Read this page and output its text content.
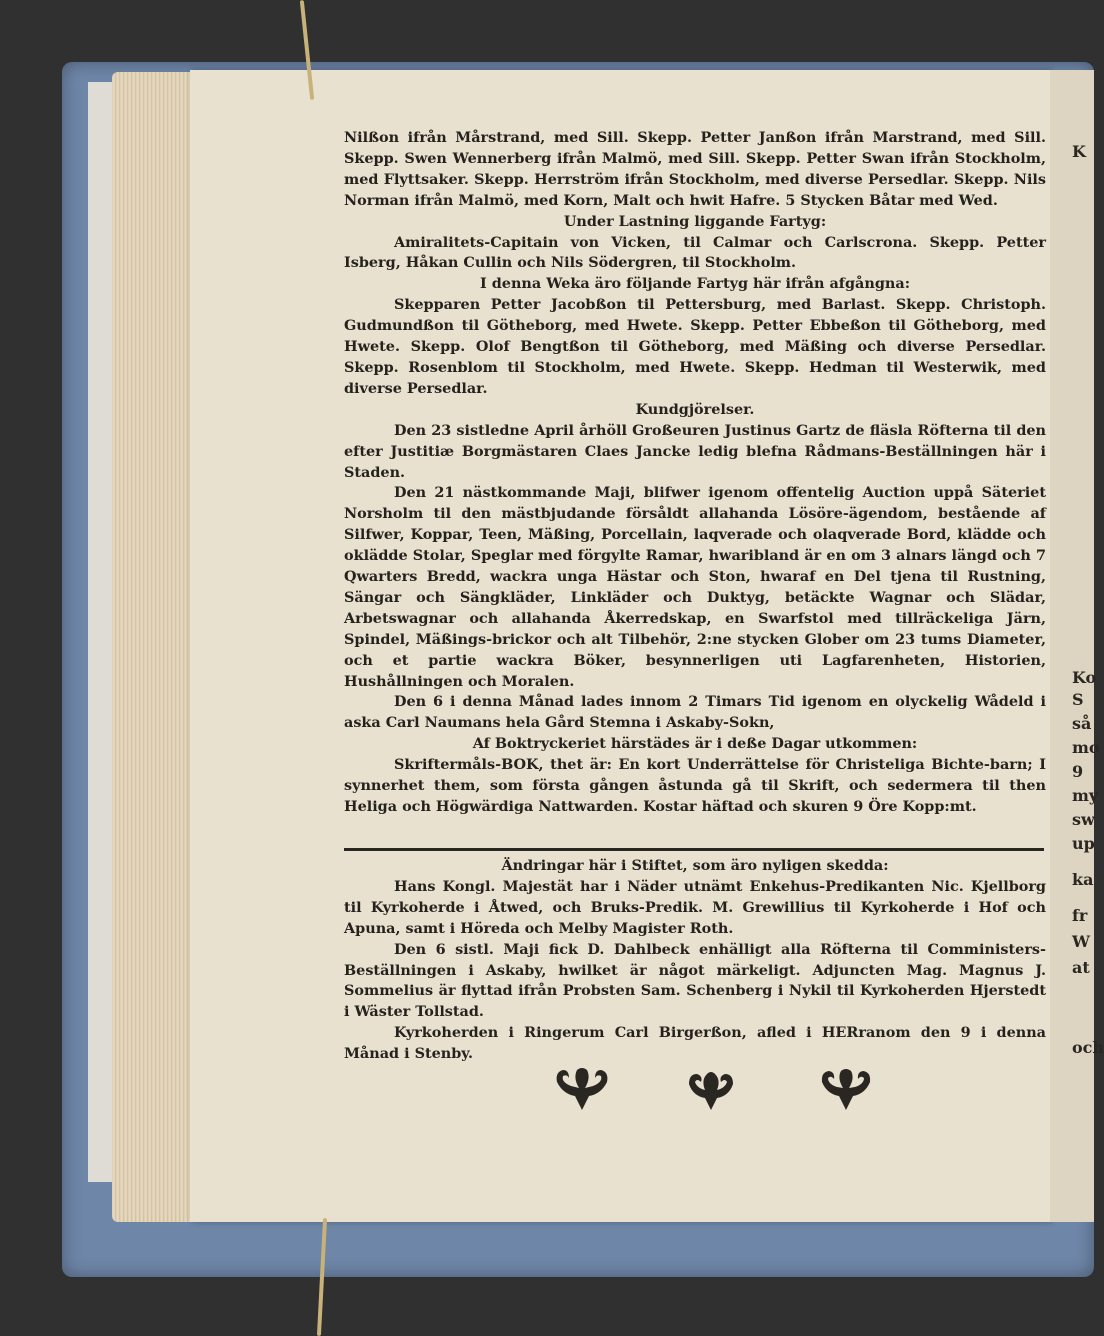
K
Ko
S
så
mo
9
my
sw
up
ka
fr
W
at
och

Nilßon ifrån Mårstrand, med Sill. Skepp. Petter Janßon ifrån Marstrand, med Sill. Skepp. Swen Wennerberg ifrån Malmö, med Sill. Skepp. Petter Swan ifrån Stockholm, med Flyttsaker. Skepp. Herrström ifrån Stockholm, med diverse Persedlar. Skepp. Nils Norman ifrån Malmö, med Korn, Malt och hwit Hafre. 5 Stycken Båtar med Wed.

Under Lastning liggande Fartyg:

Amiralitets-Capitain von Vicken, til Calmar och Carlscrona. Skepp. Petter Isberg, Håkan Cullin och Nils Södergren, til Stockholm.

I denna Weka äro följande Fartyg här ifrån afgångna:

Skepparen Petter Jacobßon til Pettersburg, med Barlast. Skepp. Christoph. Gudmundßon til Götheborg, med Hwete. Skepp. Petter Ebbeßon til Götheborg, med Hwete. Skepp. Olof Bengtßon til Götheborg, med Mäßing och diverse Persedlar. Skepp. Rosenblom til Stockholm, med Hwete. Skepp. Hedman til Westerwik, med diverse Persedlar.

Kundgjörelser.

Den 23 sistledne April århöll Großeuren Justinus Gartz de fläsla Röfterna til den efter Justitiæ Borgmästaren Claes Jancke ledig blefna Rådmans-Beställningen här i Staden.

Den 21 nästkommande Maji, blifwer igenom offentelig Auction uppå Säteriet Norsholm til den mästbjudande försåldt allahanda Lösöre-ägendom, bestående af Silfwer, Koppar, Teen, Mäßing, Porcellain, laqverade och olaqverade Bord, klädde och oklädde Stolar, Speglar med förgylte Ramar, hwaribland är en om 3 alnars längd och 7 Qwarters Bredd, wackra unga Hästar och Ston, hwaraf en Del tjena til Rustning, Sängar och Sängkläder, Linkläder och Duktyg, betäckte Wagnar och Slädar, Arbetswagnar och allahanda Åkerredskap, en Swarfstol med tillräckeliga Järn, Spindel, Mäßings-brickor och alt Tilbehör, 2:ne stycken Glober om 23 tums Diameter, och et partie wackra Böker, besynnerligen uti Lagfarenheten, Historien, Hushållningen och Moralen.

Den 6 i denna Månad lades innom 2 Timars Tid igenom en olyckelig Wådeld i aska Carl Naumans hela Gård Stemna i Askaby-Sokn,

Af Boktryckeriet härstädes är i deße Dagar utkommen:

Skriftermåls-BOK, thet är: En kort Underrättelse för Christeliga Bichte-barn; I synnerhet them, som första gången åstunda gå til Skrift, och sedermera til then Heliga och Högwärdiga Nattwarden. Kostar häftad och skuren 9 Öre Kopp:mt.

Ändringar här i Stiftet, som äro nyligen skedda:

Hans Kongl. Majestät har i Näder utnämt Enkehus-Predikanten Nic. Kjellborg til Kyrkoherde i Åtwed, och Bruks-Predik. M. Grewillius til Kyrkoherde i Hof och Apuna, samt i Höreda och Melby Magister Roth.

Den 6 sistl. Maji fick D. Dahlbeck enhälligt alla Röfterna til Comministers-Beställningen i Askaby, hwilket är något märkeligt. Adjuncten Mag. Magnus J. Sommelius är flyttad ifrån Probsten Sam. Schenberg i Nykil til Kyrkoherden Hjerstedt i Wäster Tollstad.

Kyrkoherden i Ringerum Carl Birgerßon, afled i HERranom den 9 i denna Månad i Stenby.
